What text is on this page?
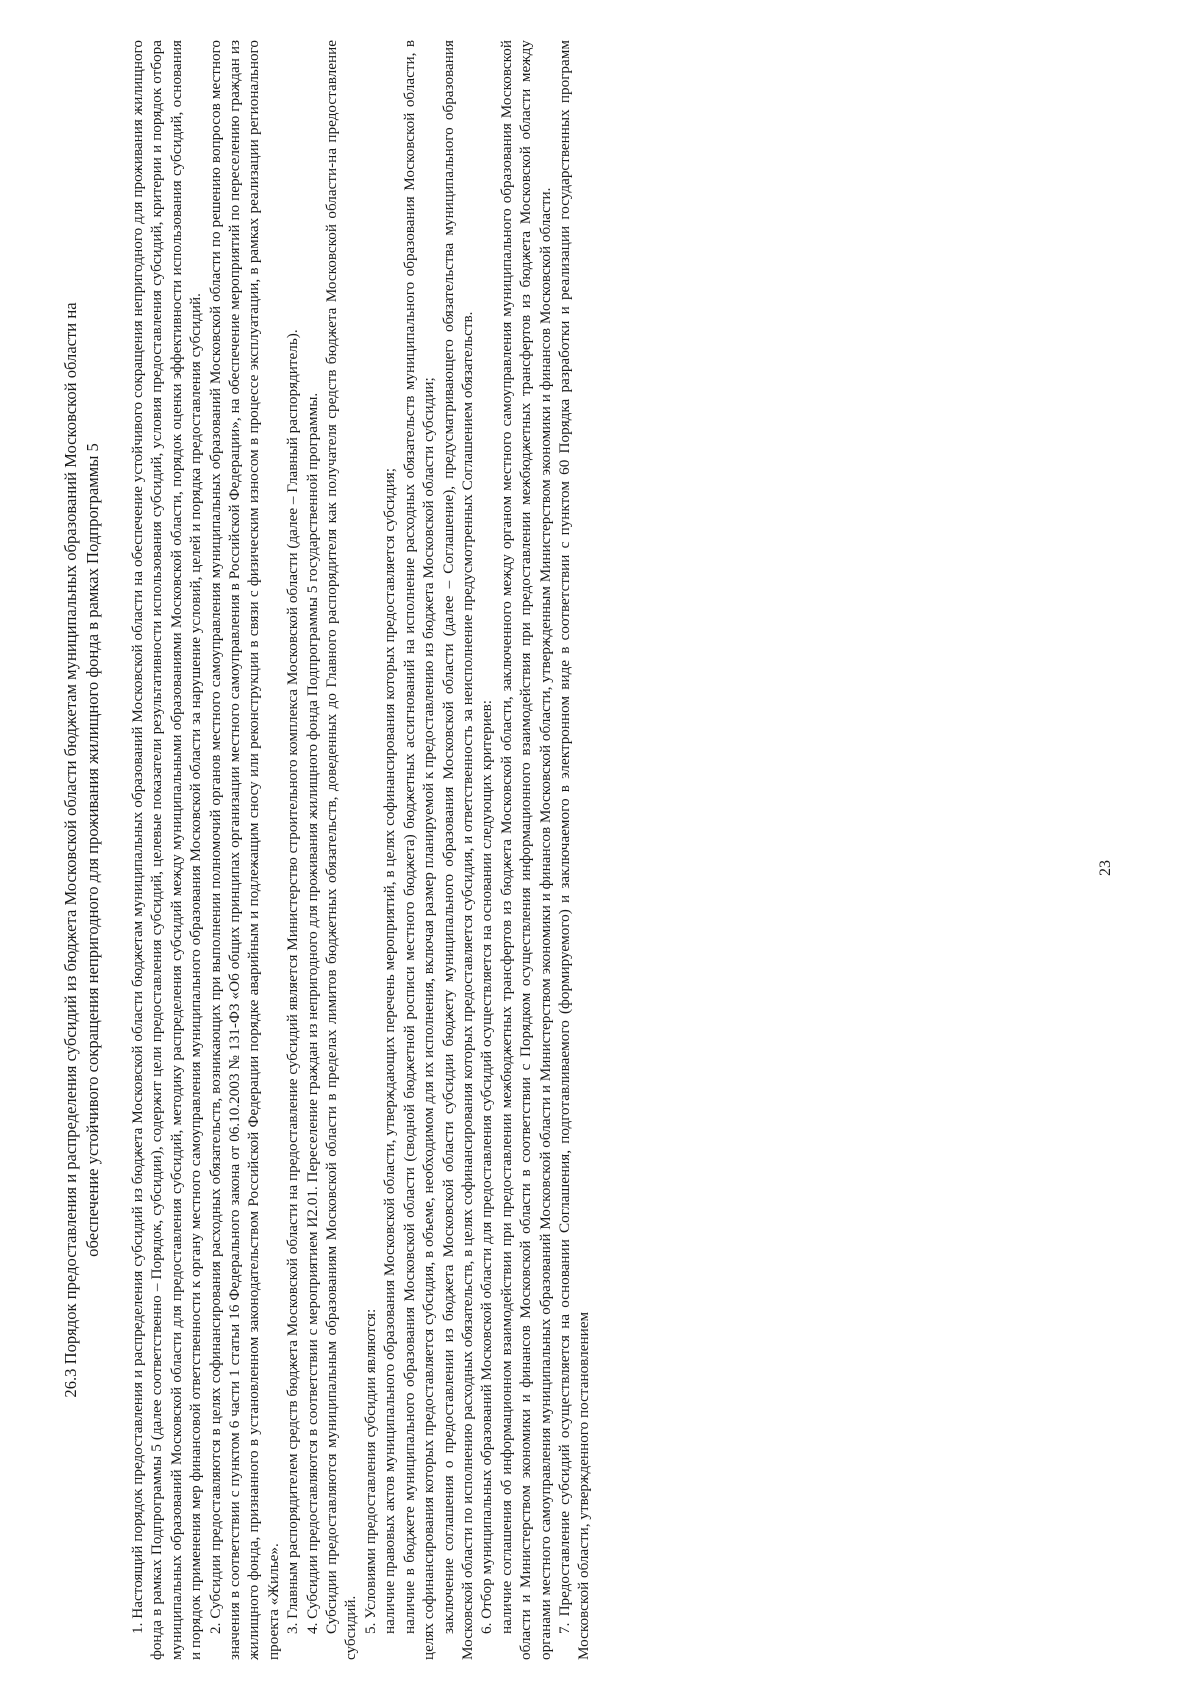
26.3 Порядок предоставления и распределения субсидий из бюджета Московской области бюджетам муниципальных образований Московской области на обеспечение устойчивого сокращения непригодного для проживания жилищного фонда в рамках Подпрограммы 5 1. Настоящий порядок предоставления и распределения субсидий из бюджета Московской области бюджетам муниципальных образований Московской области на обеспечение устойчивого сокращения непригодного для проживания жилищного фонда в рамках Подпрограммы 5 (далее соответственно – Порядок, субсидии), содержит цели предоставления субсидий, целевые показатели результативности использования субсидий, условия предоставления субсидий, критерии и порядок отбора муниципальных образований Московской области для предоставления субсидий, методику распределения субсидий между муниципальными образованиями Московской области, порядок оценки эффективности использования субсидий, основания и порядок применения мер финансовой ответственности к органу местного самоуправления муниципального образования Московской области за нарушение условий, целей и порядка предоставления субсидий. 2. Субсидии предоставляются в целях софинансирования расходных обязательств, возникающих при выполнении полномочий органов местного самоуправления муниципальных образований Московской области по решению вопросов местного значения в соответствии с пунктом 6 части 1 статьи 16 Федерального закона от 06.10.2003 № 131-ФЗ «Об общих принципах организации местного самоуправления в Российской Федерации», на обеспечение мероприятий по переселению граждан из жилищного фонда, признанного в установленном законодательством Российской Федерации порядке аварийным и подлежащим сносу или реконструкции в связи с физическим износом в процессе эксплуатации, в рамках реализации регионального проекта «Жилье». 3. Главным распорядителем средств бюджета Московской области на предоставление субсидий является Министерство строительного комплекса Московской области (далее – Главный распорядитель). 4. Субсидии предоставляются в соответствии с мероприятием И2.01. Переселение граждан из непригодного для проживания жилищного фонда Подпрограммы 5 государственной программы. Субсидии предоставляются муниципальным образованиям Московской области в пределах лимитов бюджетных обязательств, доведенных до Главного распорядителя как получателя средств бюджета Московской области-на предоставление субсидий. 5. Условиями предоставления субсидии являются: наличие правовых актов муниципального образования Московской области, утверждающих перечень мероприятий, в целях софинансирования которых предоставляется субсидия; наличие в бюджете муниципального образования Московской области (сводной бюджетной росписи местного бюджета) бюджетных ассигнований на исполнение расходных обязательств муниципального образования Московской области, в целях софинансирования которых предоставляется субсидия, в объеме, необходимом для их исполнения, включая размер планируемой к предоставлению из бюджета Московской области субсидии; заключение соглашения о предоставлении из бюджета Московской области субсидии бюджету муниципального образования Московской области (далее – Соглашение), предусматривающего обязательства муниципального образования Московской области по исполнению расходных обязательств, в целях софинансирования которых предоставляется субсидия, и ответственность за неисполнение предусмотренных Соглашением обязательств. 6. Отбор муниципальных образований Московской области для предоставления субсидий осуществляется на основании следующих критериев: наличие соглашения об информационном взаимодействии при предоставлении межбюджетных трансфертов из бюджета Московской области, заключенного между органом местного самоуправления муниципального образования Московской области и Министерством экономики и финансов Московской области в соответствии с Порядком осуществления информационного взаимодействия при предоставлении межбюджетных трансфертов из бюджета Московской области между органами местного самоуправления муниципальных образований Московской области и Министерством экономики и финансов Московской области, утвержденным Министерством экономики и финансов Московской области. 7. Предоставление субсидий осуществляется на основании Соглашения, подготавливаемого (формируемого) и заключаемого в электронном виде в соответствии с пунктом 60 Порядка разработки и реализации государственных программ Московской области, утвержденного постановлением

23
